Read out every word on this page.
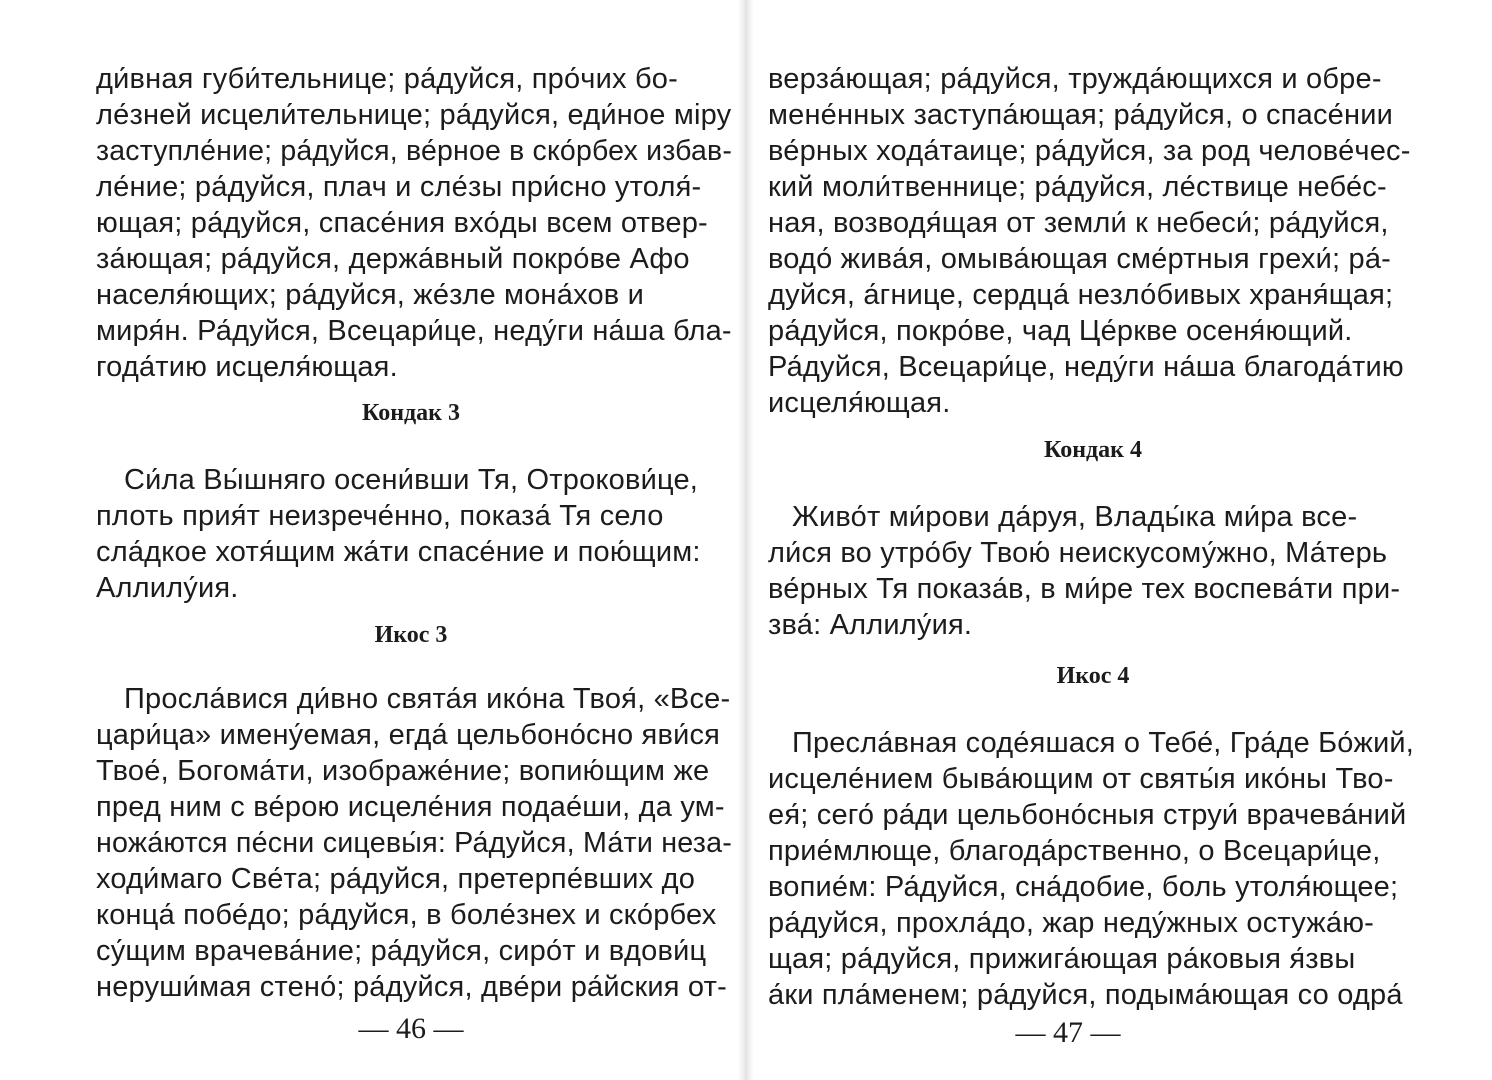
ди́вная губи́тельнице; ра́дуйся, про́чих бо-

ле́зней исцели́тельнице; ра́дуйся, еди́ное мiру

заступле́ние; ра́дуйся, ве́рное в ско́рбех избав-

ле́ние; ра́дуйся, плач и сле́зы при́сно утоля́-

ющая; ра́дуйся, спасе́ния вхо́ды всем отвер-

за́ющая; ра́дуйся, держа́вный покро́ве Афо

населя́ющих; ра́дуйся, же́зле мона́хов и

миря́н. Ра́дуйся, Всецари́це, неду́ги на́ша бла-

года́тию исцеля́ющая.

Кондак 3

Си́ла Вы́шняго осени́вши Тя, Отрокови́це,

плоть прия́т неизрече́нно, показа́ Тя село

сла́дкое хотя́щим жа́ти спасе́ние и пою́щим:

Аллилу́ия.

Икос 3

Просла́вися ди́вно свята́я ико́на Твоя́, «Все-

цари́ца» имену́емая, егда́ цельбоно́сно яви́ся

Твое́, Богома́ти, изображе́ние; вопию́щим же

пред ним с ве́рою исцеле́ния подае́ши, да ум-

ножа́ются пе́сни сицевы́я: Ра́дуйся, Ма́ти неза-

ходи́маго Све́та; ра́дуйся, претерпе́вших до

конца́ побе́до; ра́дуйся, в боле́знех и ско́рбех

су́щим врачева́ние; ра́дуйся, сиро́т и вдови́ц

неруши́мая стено́; ра́дуйся, две́ри ра́йския от-

— 46 —

верза́ющая; ра́дуйся, тружда́ющихся и обре-

мене́нных заступа́ющая; ра́дуйся, о спасе́нии

ве́рных хода́таице; ра́дуйся, за род челове́чес-

кий моли́твеннице; ра́дуйся, ле́ствице небе́с-

ная, возводя́щая от земли́ к небеси́; ра́дуйся,

водо́ жива́я, омыва́ющая сме́ртныя грехи́; ра́-

дуйся, а́гнице, сердца́ незло́бивых храня́щая;

ра́дуйся, покро́ве, чад Це́ркве осеня́ющий.

Ра́дуйся, Всецари́це, неду́ги на́ша благода́тию

исцеля́ющая.

Кондак 4

Живо́т ми́рови да́руя, Влады́ка ми́ра все-

ли́ся во утро́бу Твою́ неискусому́жно, Ма́терь

ве́рных Тя показа́в, в ми́ре тех воспева́ти при-

зва́: Аллилу́ия.

Икос 4

Пресла́вная соде́яшася о Тебе́, Гра́де Бо́жий,

исцеле́нием быва́ющим от святы́я ико́ны Тво-

ея́; сего́ ра́ди цельбоно́сныя струи́ врачева́ний

прие́млюще, благода́рственно, о Всецари́це,

вопие́м: Ра́дуйся, сна́добие, боль утоля́ющее;

ра́дуйся, прохла́до, жар неду́жных остужа́ю-

щая; ра́дуйся, прижига́ющая ра́ковыя я́звы

а́ки пла́менем; ра́дуйся, подыма́ющая со одра́

— 47 —
